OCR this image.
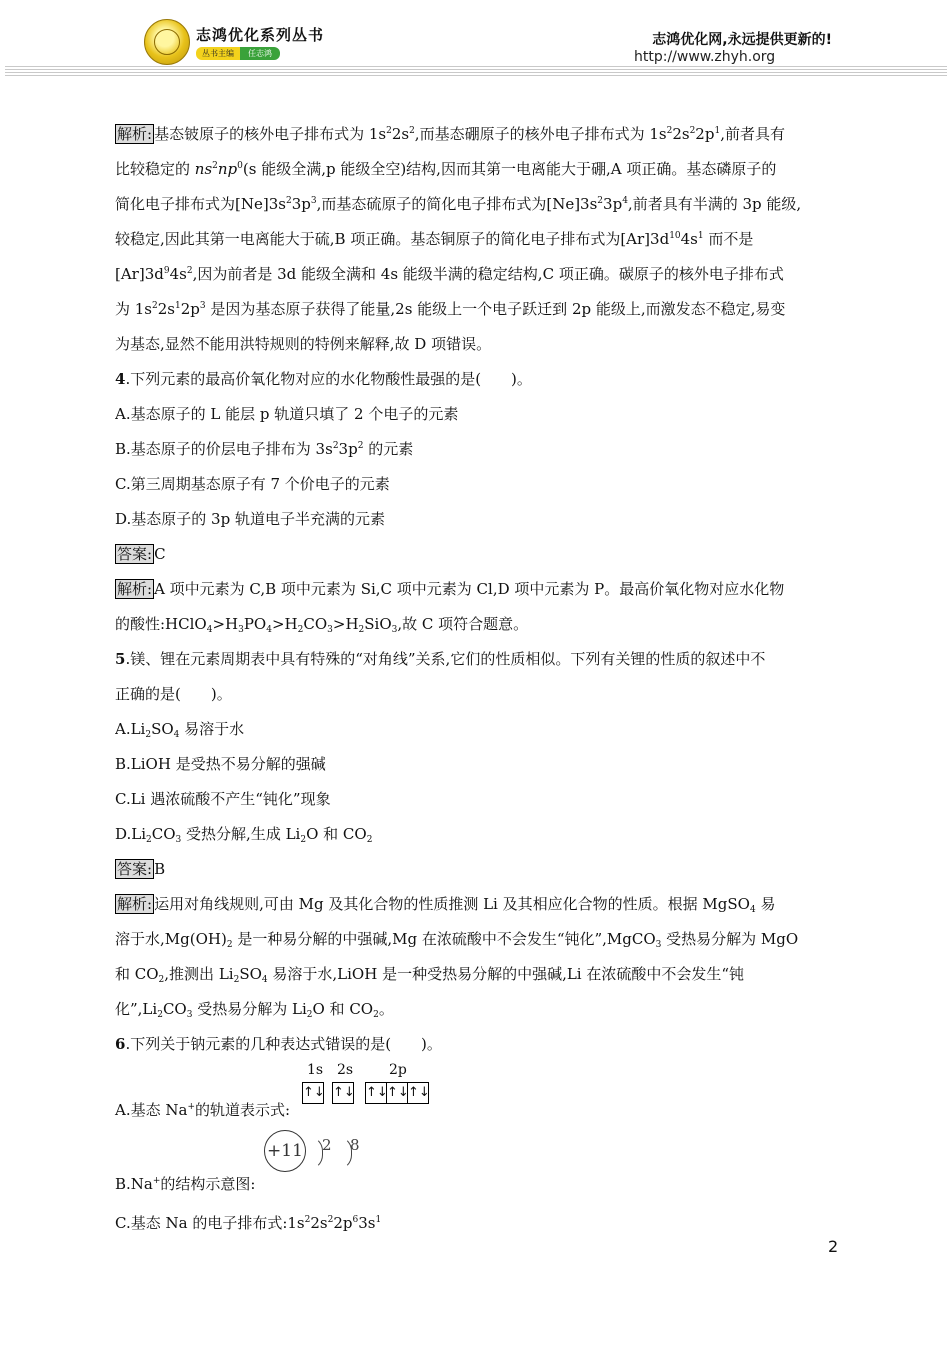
志鸿优化系列丛书
丛书主编	任志鸿
志鸿优化网,永远提供更新的!
http://www.zhyh.org
解析: 基态铍原子的核外电子排布式为 $1s^22s^2$,而基态硼原子的核外电子排布式为 $1s^22s^22p^1$,前者具有
比较稳定的 $ns^2np^0(s$ 能级全满,p 能级全空)结构,因而其第一电离能大于硼,A 项正确。基态磷原子的
简化电子排布式为$[Ne]3s^23p^3$,而基态硫原子的简化电子排布式为$[Ne]3s^23p^4$,前者具有半满的 3p 能级,
较稳定,因此其第一电离能大于硫,B 项正确。基态铜原子的简化电子排布式为$[Ar]3d^{10}4s^1$ 而不是
$[Ar]3d^94s^2$,因为前者是 3d 能级全满和 4s 能级半满的稳定结构,C 项正确。碳原子的核外电子排布式
为 $1s^22s^12p^3$ 是因为基态原子获得了能量,2s 能级上一个电子跃迁到 2p 能级上,而激发态不稳定,易变
为基态,显然不能用洪特规则的特例来解释,故 D 项错误。
4.下列元素的最高价氧化物对应的水化物酸性最强的是(　　)。
A.基态原子的 L 能层 p 轨道只填了 2 个电子的元素
B.基态原子的价层电子排布为 $3s^23p^2$ 的元素
C.第三周期基态原子有 7 个价电子的元素
D.基态原子的 3p 轨道电子半充满的元素
答案: C
解析: A 项中元素为 C,B 项中元素为 Si,C 项中元素为 Cl,D 项中元素为 P。最高价氧化物对应水化物
的酸性$:HClO_4>H_3PO_4>H_2CO_3>H_2SiO_3$,故 C 项符合题意。
5.镁、锂在元素周期表中具有特殊的“对角线”关系,它们的性质相似。下列有关锂的性质的叙述中不
正确的是(　　)。
$A.Li_2SO_4$ 易溶于水
B.LiOH 是受热不易分解的强碱
C.Li 遇浓硫酸不产生“钝化”现象
$D.Li_2CO_3$ 受热分解,生成 $Li_2O$ 和 $CO_2$
答案: B
解析: 运用对角线规则,可由 Mg 及其化合物的性质推测 Li 及其相应化合物的性质。根据 MgSO$_4$ 易
溶于水$,Mg(OH)_2$ 是一种易分解的中强碱,Mg 在浓硫酸中不会发生“钝化”,MgCO$_3$ 受热易分解为 MgO
和 $CO_2$,推测出 $Li_2SO_4$ 易溶于水,LiOH 是一种受热易分解的中强碱,Li 在浓硫酸中不会发生“钝
化$”,Li_2CO_3$ 受热易分解为 $Li_2O$ 和 $CO_2$。
6.下列关于钠元素的几种表达式错误的是(　　)。
A.基态 Na+的轨道表示式:
1s 2s	2p
↑↓ ↑↓ ↑↓ ↑↓ ↑↓
B.Na+的结构示意图:
+11 2 8
C.基态 Na 的电子排布式$:1s^22s^22p^63s^1$
2
